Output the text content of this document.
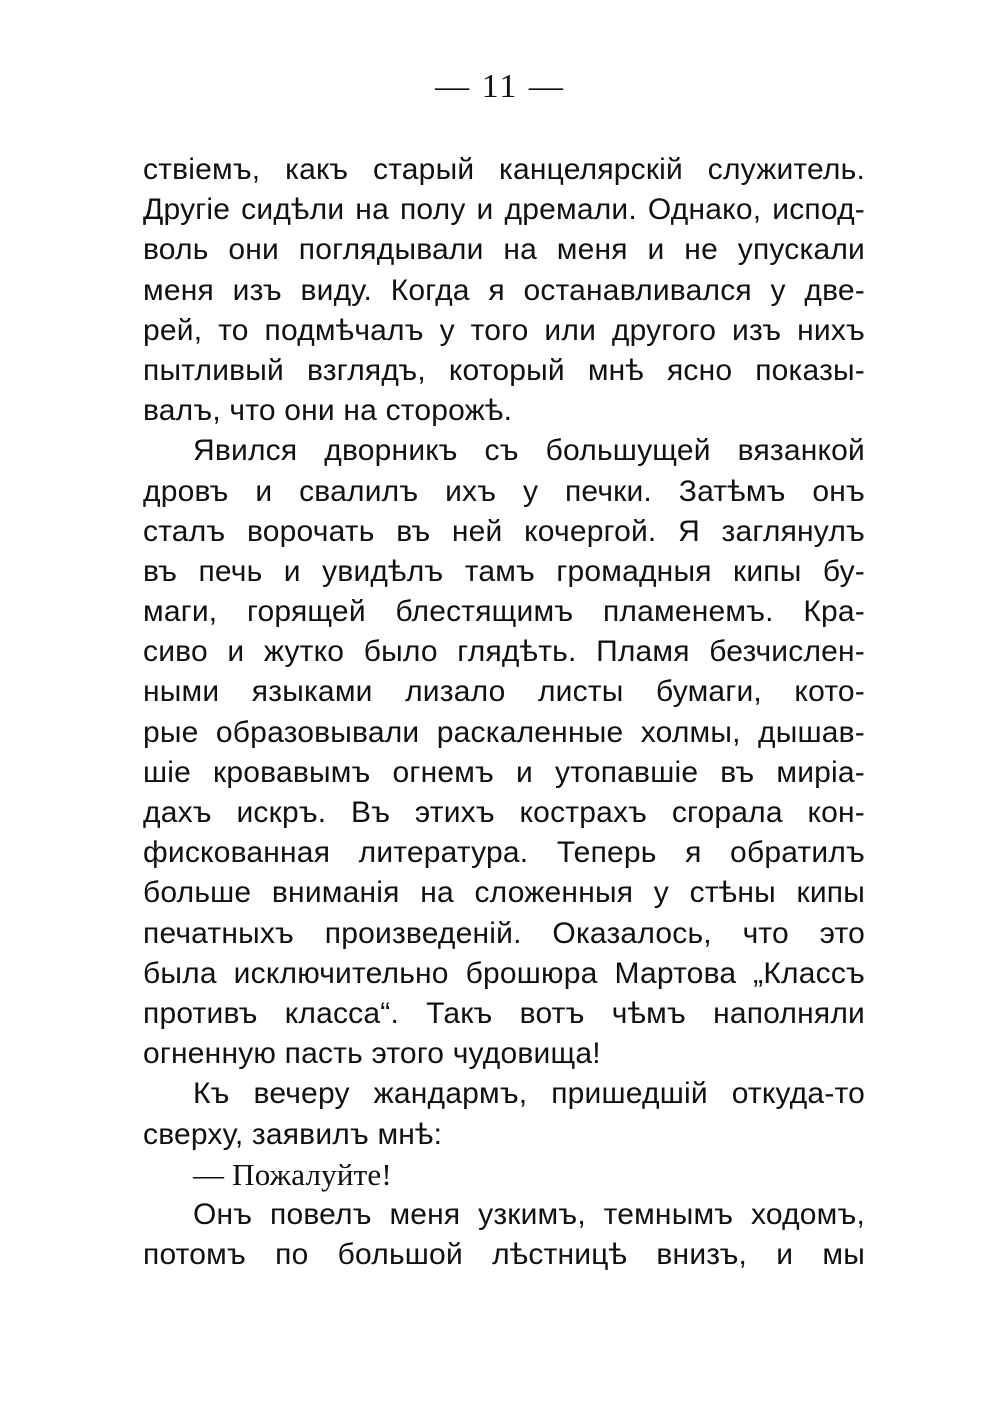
— 11 —
ствіемъ, какъ старый канцелярскій служитель.
Другіе сидѣли на полу и дремали. Однако, испод-
воль они поглядывали на меня и не упускали
меня изъ виду. Когда я останавливался у две-
рей, то подмѣчалъ у того или другого изъ нихъ
пытливый взглядъ, который мнѣ ясно показы-
валъ, что они на сторожѣ.
Явился дворникъ съ большущей вязанкой
дровъ и свалилъ ихъ у печки. Затѣмъ онъ
сталъ ворочать въ ней кочергой. Я заглянулъ
въ печь и увидѣлъ тамъ громадныя кипы бу-
маги, горящей блестящимъ пламенемъ. Кра-
сиво и жутко было глядѣть. Пламя безчислен-
ными языками лизало листы бумаги, кото-
рые образовывали раскаленные холмы, дышав-
шіе кровавымъ огнемъ и утопавшіе въ миріа-
дахъ искръ. Въ этихъ кострахъ сгорала кон-
фискованная литература. Теперь я обратилъ
больше вниманія на сложенныя у стѣны кипы
печатныхъ произведеній. Оказалось, что это
была исключительно брошюра Мартова „Классъ
противъ класса“. Такъ вотъ чѣмъ наполняли
огненную пасть этого чудовища!
Къ вечеру жандармъ, пришедшій откуда-то
сверху, заявилъ мнѣ:
— Пожалуйте!
Онъ повелъ меня узкимъ, темнымъ ходомъ,
потомъ по большой лѣстницѣ внизъ, и мы
